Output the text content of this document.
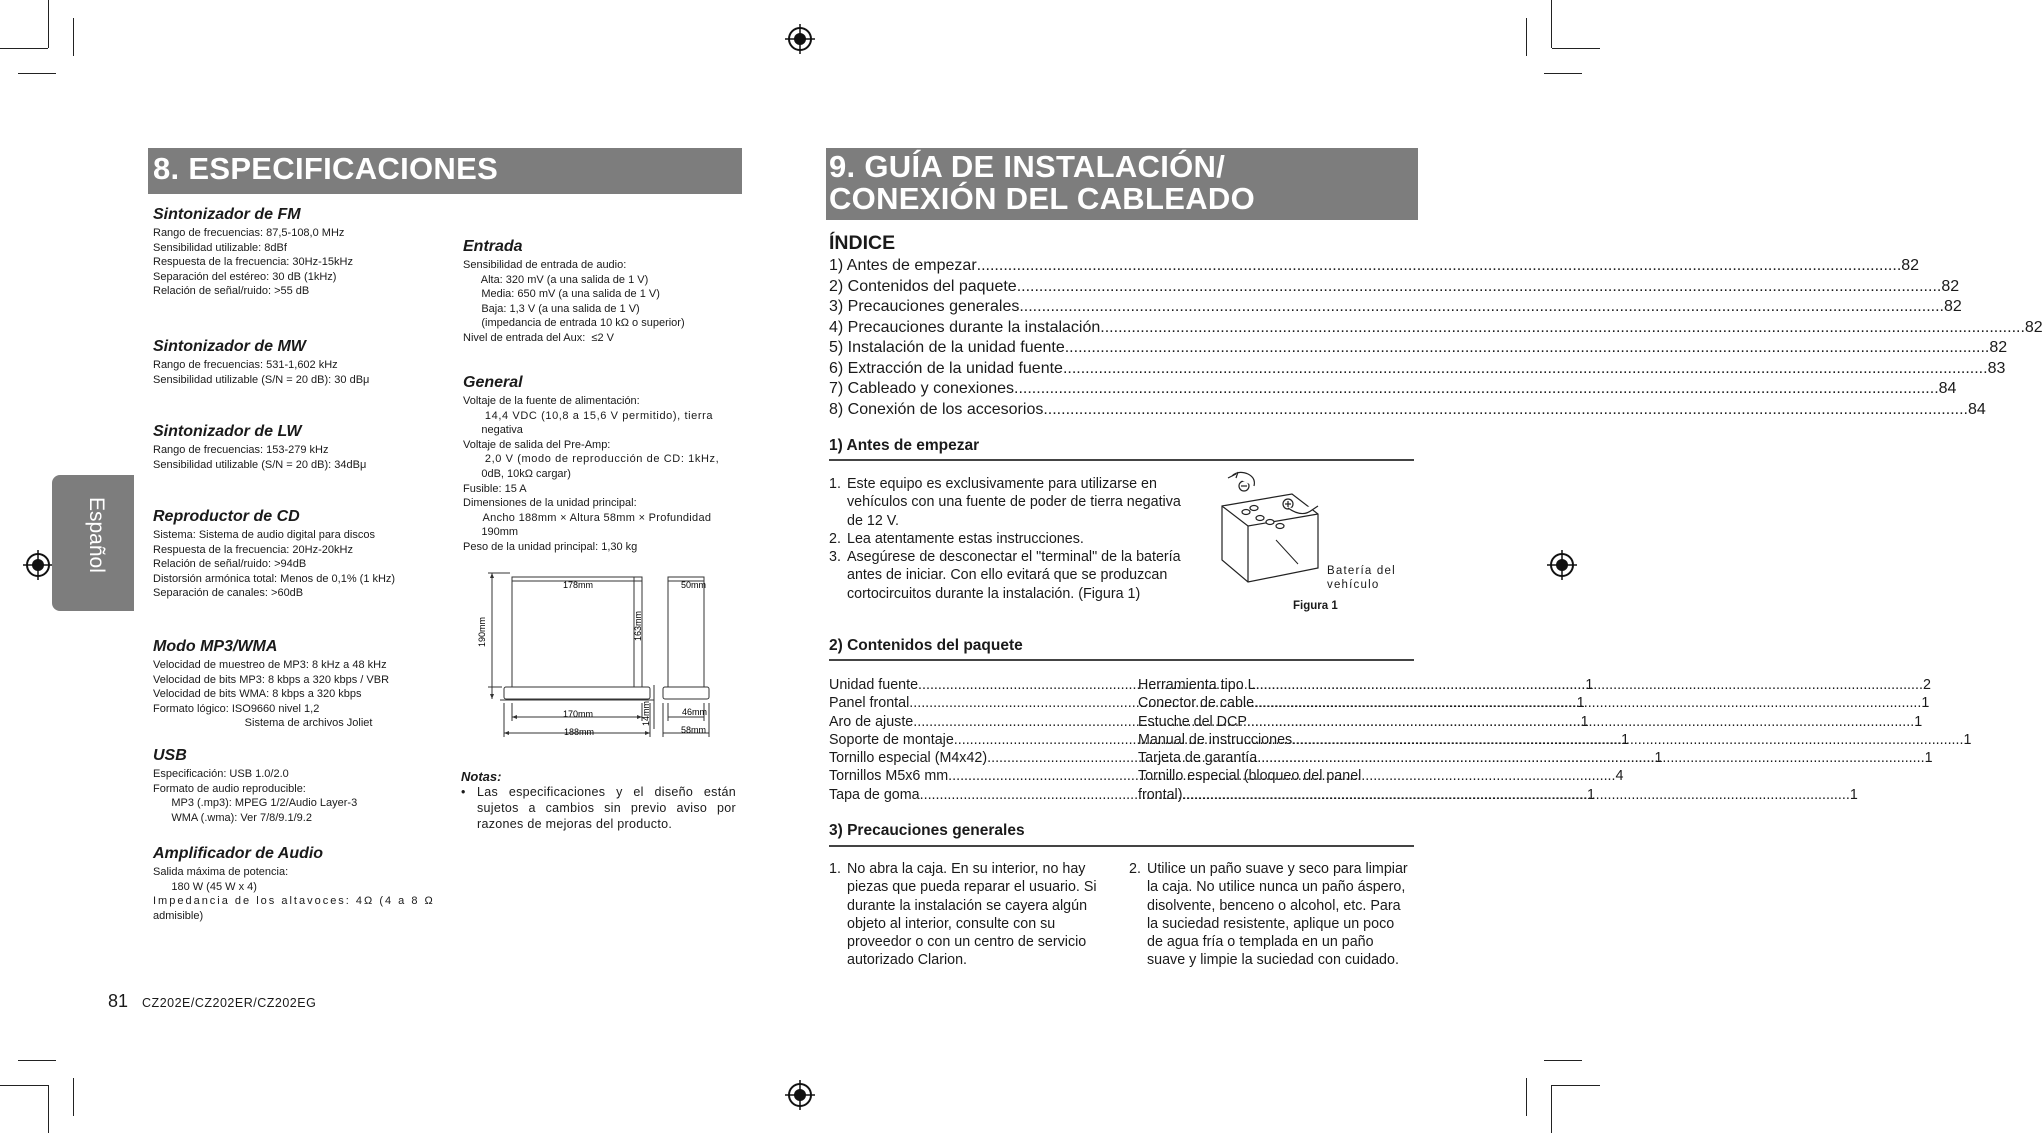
Español
8. ESPECIFICACIONES
Sintonizador de FM
Rango de frecuencias: 87,5-108,0 MHz
Sensibilidad utilizable: 8dBf
Respuesta de la frecuencia: 30Hz-15kHz
Separación del estéreo: 30 dB (1kHz)
Relación de señal/ruido: >55 dB
Sintonizador de MW
Rango de frecuencias: 531-1,602 kHz
Sensibilidad utilizable (S/N = 20 dB): 30 dBμ
Sintonizador de LW
Rango de frecuencias: 153-279 kHz
Sensibilidad utilizable (S/N = 20 dB): 34dBμ
Reproductor de CD
Sistema: Sistema de audio digital para discos
Respuesta de la frecuencia: 20Hz-20kHz
Relación de señal/ruido: >94dB
Distorsión armónica total: Menos de 0,1% (1 kHz)
Separación de canales: >60dB
Modo MP3/WMA
Velocidad de muestreo de MP3: 8 kHz a 48 kHz
Velocidad de bits MP3: 8 kbps a 320 kbps / VBR
Velocidad de bits WMA: 8 kbps a 320 kbps
Formato lógico: ISO9660 nivel 1,2
Sistema de archivos Joliet
USB
Especificación: USB 1.0/2.0
Formato de audio reproducible:
MP3 (.mp3): MPEG 1/2/Audio Layer-3
WMA (.wma): Ver 7/8/9.1/9.2
Amplificador de Audio
Salida máxima de potencia:
180 W (45 W x 4)
Impedancia de los altavoces: 4Ω (4 a 8 Ω
admisible)
Entrada
Sensibilidad de entrada de audio:
Alta: 320 mV (a una salida de 1 V)
Media: 650 mV (a una salida de 1 V)
Baja: 1,3 V (a una salida de 1 V)
(impedancia de entrada 10 kΩ o superior)
Nivel de entrada del Aux:  ≤2 V
General
Voltaje de la fuente de alimentación:
14,4 VDC (10,8 a 15,6 V permitido), tierra
negativa
Voltaje de salida del Pre-Amp:
2,0 V (modo de reproducción de CD: 1kHz,
0dB, 10kΩ cargar)
Fusible: 15 A
Dimensiones de la unidad principal:
Ancho 188mm × Altura 58mm × Profundidad
190mm
Peso de la unidad principal: 1,30 kg
178mm
190mm	163mm
170mm
188mm
14mm
50mm
46mm
58mm
Notas:
• Las especificaciones y el diseño están sujetos a cambios sin previo aviso por razones de mejoras del producto.
81 CZ202E/CZ202ER/CZ202EG
9. GUÍA DE INSTALACIÓN/
CONEXIÓN DEL CABLEADO
ÍNDICE
1) Antes de empezar .....	82
2) Contenidos del paquete .....	82
3) Precauciones generales .....	82
4) Precauciones durante la instalación .....	82
5) Instalación de la unidad fuente .....	82
6) Extracción de la unidad fuente .....	83
7) Cableado y conexiones .....	84
8) Conexión de los accesorios .....	84
1) Antes de empezar
1. Este equipo es exclusivamente para utilizarse en vehículos con una fuente de poder de tierra negativa de 12 V.
2. Lea atentamente estas instrucciones.
3. Asegúrese de desconectar el "terminal" de la batería antes de iniciar. Con ello evitará que se produzcan cortocircuitos durante la instalación. (Figura 1)
Batería del vehículo
Figura 1
2) Contenidos del paquete
Unidad fuente .....	1
Panel frontal .....	1
Aro de ajuste .....	1
Soporte de montaje .....	1
Tornillo especial (M4x42) .....	1
Tornillos M5x6 mm .....	4
Tapa de goma .....	1
Herramienta tipo L .....	2
Conector de cable .....	1
Estuche del DCP .....	1
Manual de instrucciones. .....	1
Tarjeta de garantía .....	1
Tornillo especial (bloqueo del panel
frontal) .....	1
3) Precauciones generales
1. No abra la caja. En su interior, no hay piezas que pueda reparar el usuario. Si durante la instalación se cayera algún objeto al interior, consulte con su proveedor o con un centro de servicio autorizado Clarion.
2. Utilice un paño suave y seco para limpiar la caja. No utilice nunca un paño áspero, disolvente, benceno o alcohol, etc. Para la suciedad resistente, aplique un poco de agua fría o templada en un paño suave y limpie la suciedad con cuidado.
